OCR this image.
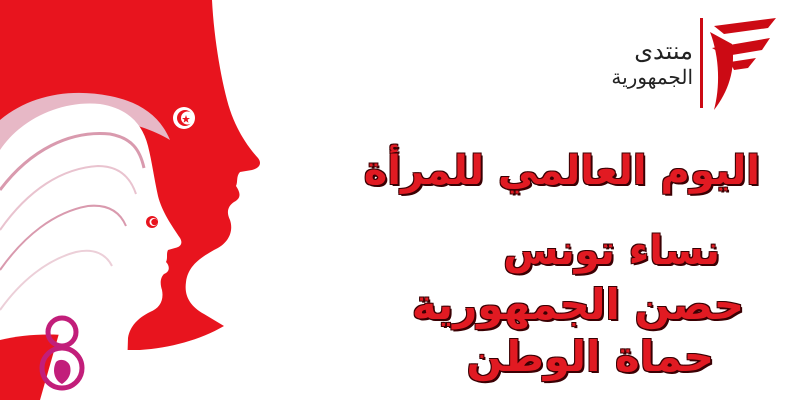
منتدى
الجمهورية
اليوم العالمي للمرأة
نساء تونس
حصن الجمهورية
حماة الوطن
